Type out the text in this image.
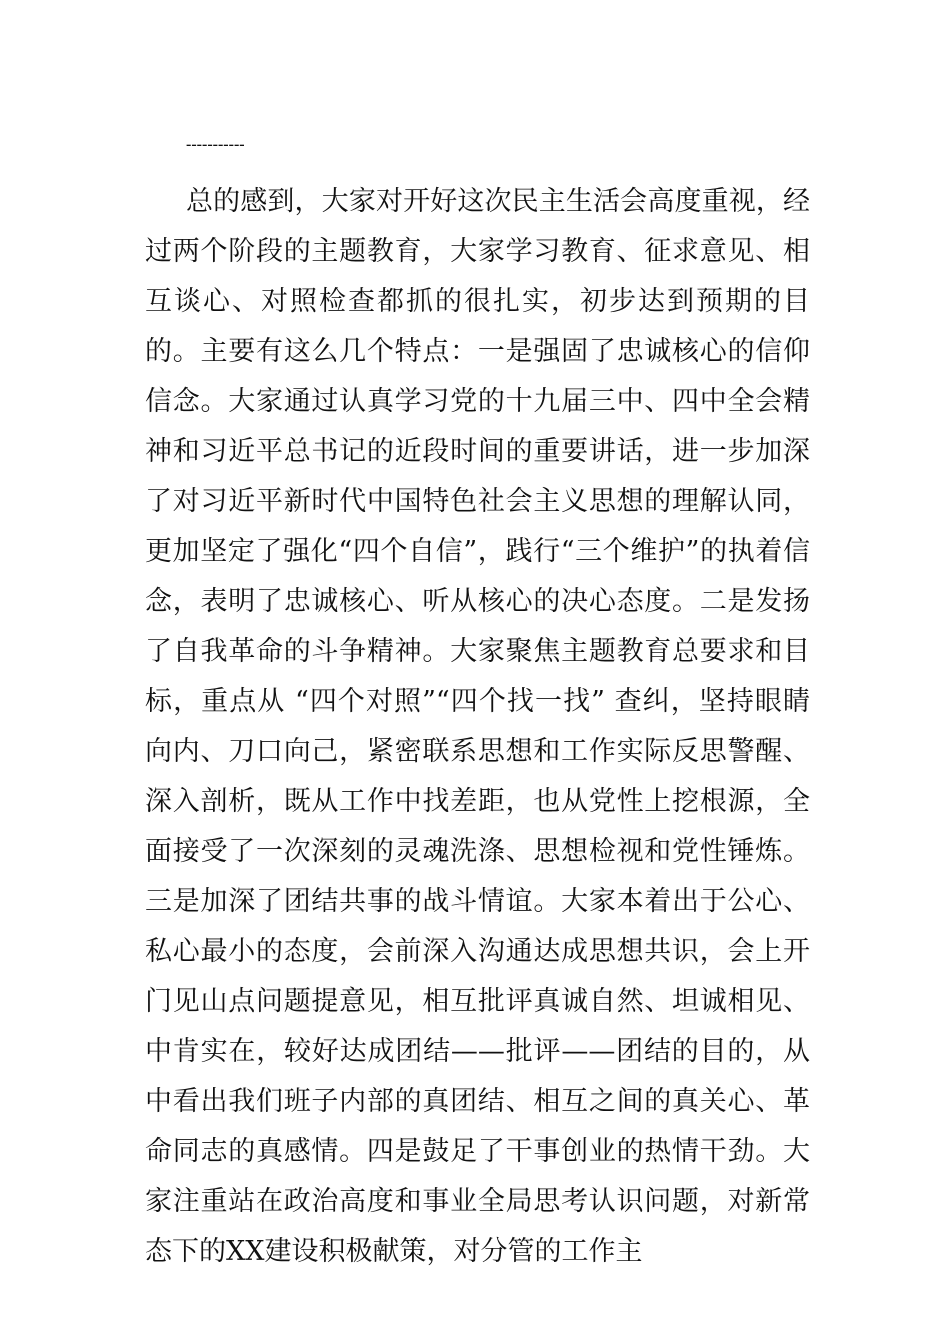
-----------

总的感到，大家对开好这次民主生活会高度重视，经过两个阶段的主题教育，大家学习教育、征求意见、相互谈心、对照检查都抓的很扎实，初步达到预期的目的。主要有这么几个特点：一是强固了忠诚核心的信仰信念。大家通过认真学习党的十九届三中、四中全会精神和习近平总书记的近段时间的重要讲话，进一步加深了对习近平新时代中国特色社会主义思想的理解认同，更加坚定了强化“四个自信”，践行“三个维护”的执着信念，表明了忠诚核心、听从核心的决心态度。二是发扬了自我革命的斗争精神。大家聚焦主题教育总要求和目标，重点从 “四个对照”“四个找一找” 查纠，坚持眼睛向内、刀口向己，紧密联系思想和工作实际反思警醒、深入剖析，既从工作中找差距，也从党性上挖根源，全面接受了一次深刻的灵魂洗涤、思想检视和党性锤炼。三是加深了团结共事的战斗情谊。大家本着出于公心、私心最小的态度，会前深入沟通达成思想共识，会上开门见山点问题提意见，相互批评真诚自然、坦诚相见、中肯实在，较好达成团结——批评——团结的目的，从中看出我们班子内部的真团结、相互之间的真关心、革命同志的真感情。四是鼓足了干事创业的热情干劲。大家注重站在政治高度和事业全局思考认识问题，对新常态下的XX建设积极献策，对分管的工作主
